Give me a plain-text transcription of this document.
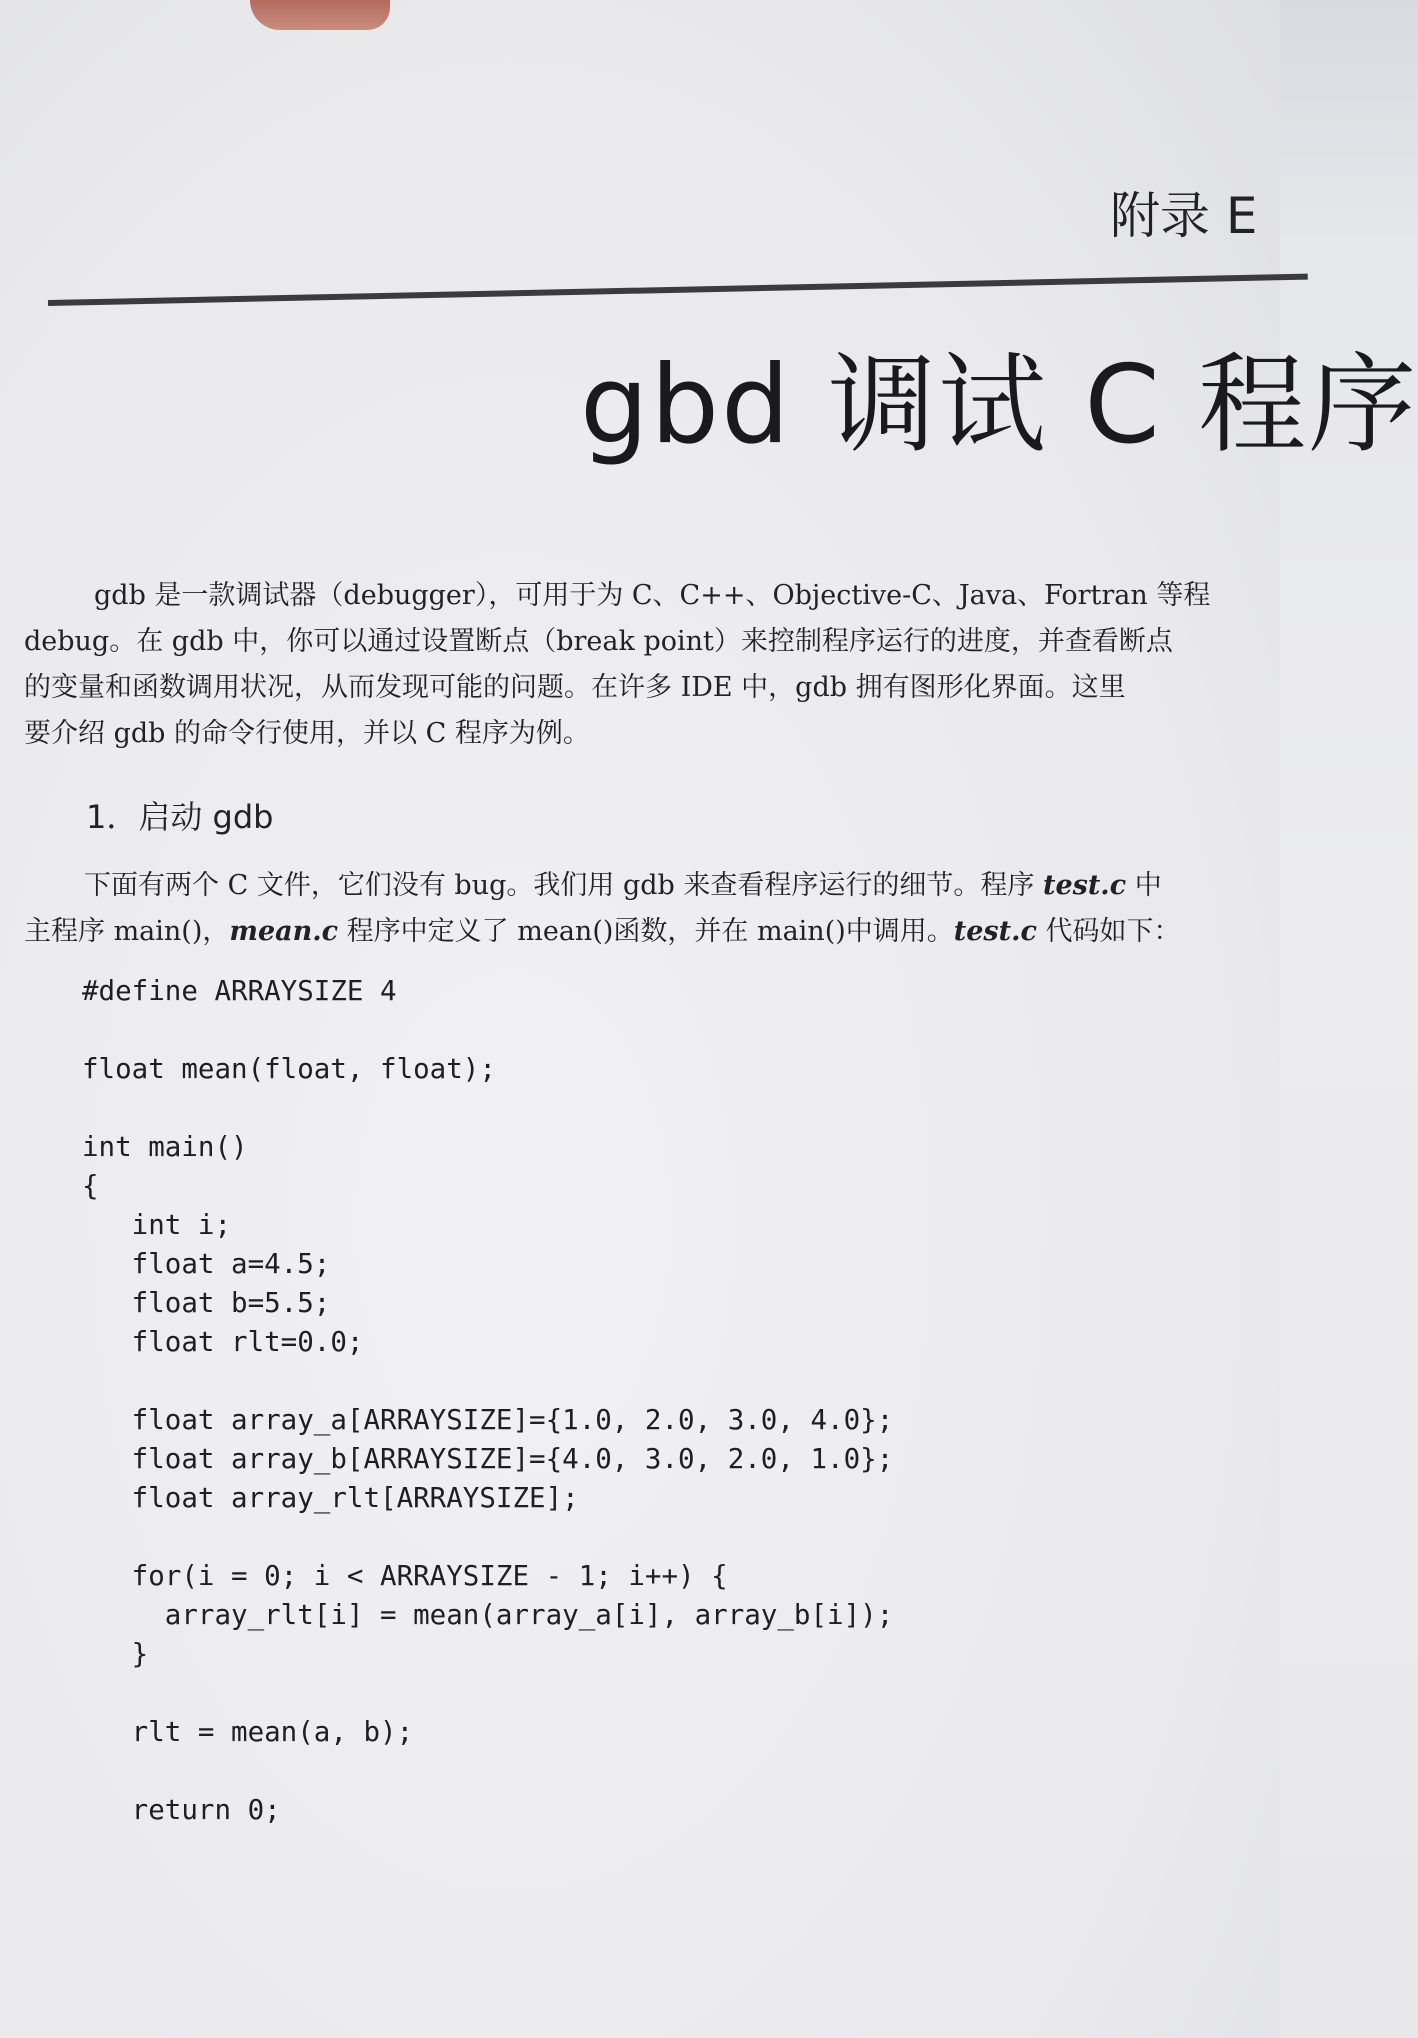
附录 E
gbd 调试 C 程序
gdb 是一款调试器（debugger），可用于为 C、C++、Objective-C、Java、Fortran 等程
debug。在 gdb 中，你可以通过设置断点（break point）来控制程序运行的进度，并查看断点
的变量和函数调用状况，从而发现可能的问题。在许多 IDE 中，gdb 拥有图形化界面。这里
要介绍 gdb 的命令行使用，并以 C 程序为例。
1．启动 gdb
下面有两个 C 文件，它们没有 bug。我们用 gdb 来查看程序运行的细节。程序 test.c 中
主程序 main()，mean.c 程序中定义了 mean()函数，并在 main()中调用。test.c 代码如下：
#define ARRAYSIZE 4
float mean(float, float);
int main()
{
int i;
float a=4.5;
float b=5.5;
float rlt=0.0;
float array_a[ARRAYSIZE]={1.0, 2.0, 3.0, 4.0};
float array_b[ARRAYSIZE]={4.0, 3.0, 2.0, 1.0};
float array_rlt[ARRAYSIZE];
for(i = 0; i < ARRAYSIZE - 1; i++) {
array_rlt[i] = mean(array_a[i], array_b[i]);
}
rlt = mean(a, b);
return 0;
